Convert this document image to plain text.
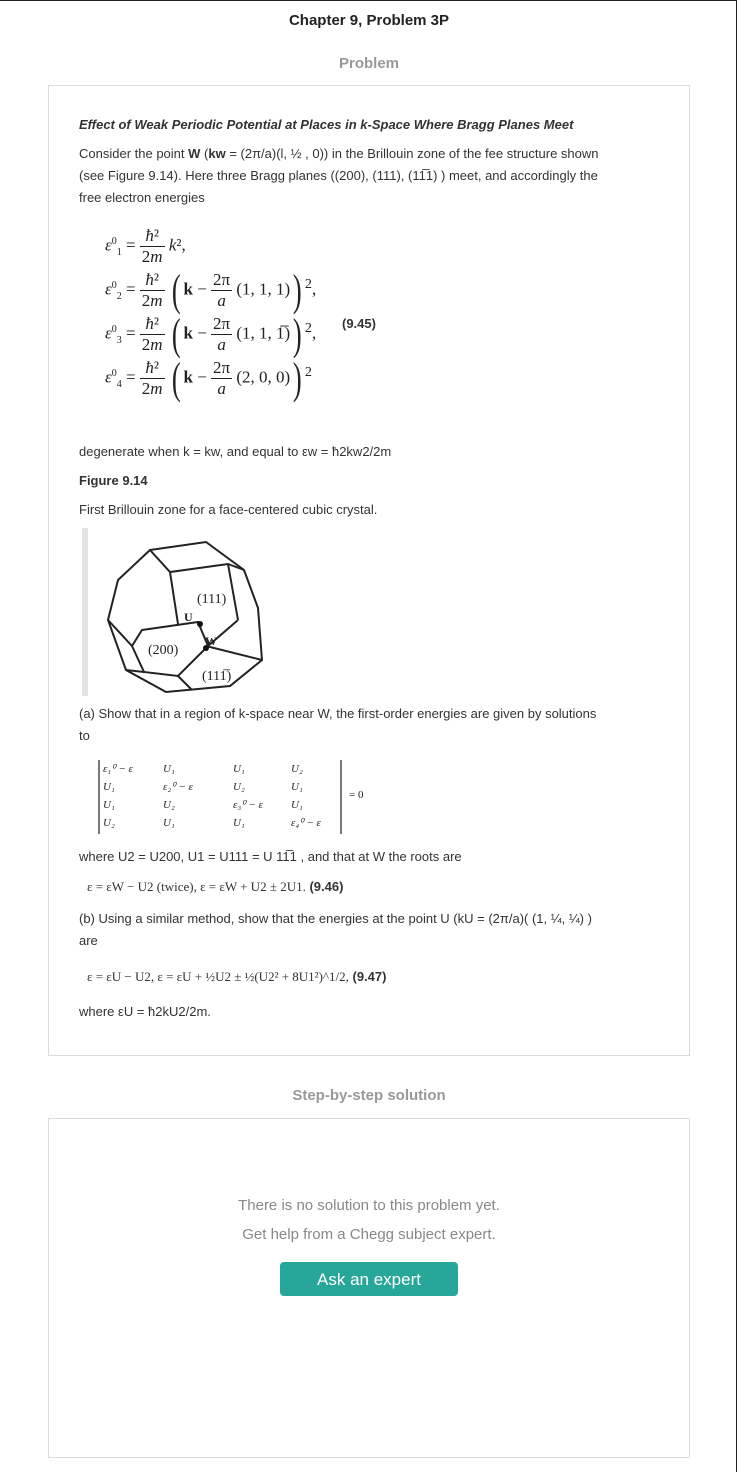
Chapter 9, Problem 3P
Problem
Effect of Weak Periodic Potential at Places in k-Space Where Bragg Planes Meet
Consider the point W (kw = (2π/a)(l, ½ , 0)) in the Brillouin zone of the fee structure shown
(see Figure 9.14). Here three Bragg planes ((200), (111), (11̅1) ) meet, and accordingly the
free electron energies
$\varepsilon^0_1 = \frac{\text{ħ²}}{2m} k^2$,
$\varepsilon^0_2 = \frac{\text{ħ²}}{2m}$ ( $k - \frac{2\pi}{a} (1$, 1, 1)) $^2$,
$\varepsilon^0_3 = \frac{\text{ħ²}}{2m}$ ( $k - \frac{2\pi}{a} (1$, 1, 1̅)) $^2$,
$\varepsilon^0_4 = \frac{\text{ħ²}}{2m}$ ( $k - \frac{2\pi}{a} (2$, 0, 0)) $^2$
(9.45)
degenerate when k = kw, and equal to εw = ħ2kw2/2m
Figure 9.14
First Brillouin zone for a face-centered cubic crystal.
(111)
U
W
(200)
(111̅)
(a) Show that in a region of k-space near W, the first-order energies are given by solutions
to
ε₁⁰ − ε	U₁	U₁	U₂
U₁	ε₂⁰ − ε	U₂	U₁
U₁	U₂	ε₃⁰ − ε	U₁
U₂	U₁	U₁	ε₄⁰ − ε
= 0
where U2 = U200, U1 = U111 = U 11̅1 , and that at W the roots are
ε = εW − U2 (twice), ε = εW + U2 ± 2U1. (9.46)
(b) Using a similar method, show that the energies at the point U (kU = (2π/a)( (1, ¼, ¼) )
are
ε = εU − U2, ε = εU + ½U2 ± ½(U2² + 8U1²)^1/2, (9.47)
where εU = ħ2kU2/2m.
Step-by-step solution
There is no solution to this problem yet.
Get help from a Chegg subject expert.
Ask an expert
